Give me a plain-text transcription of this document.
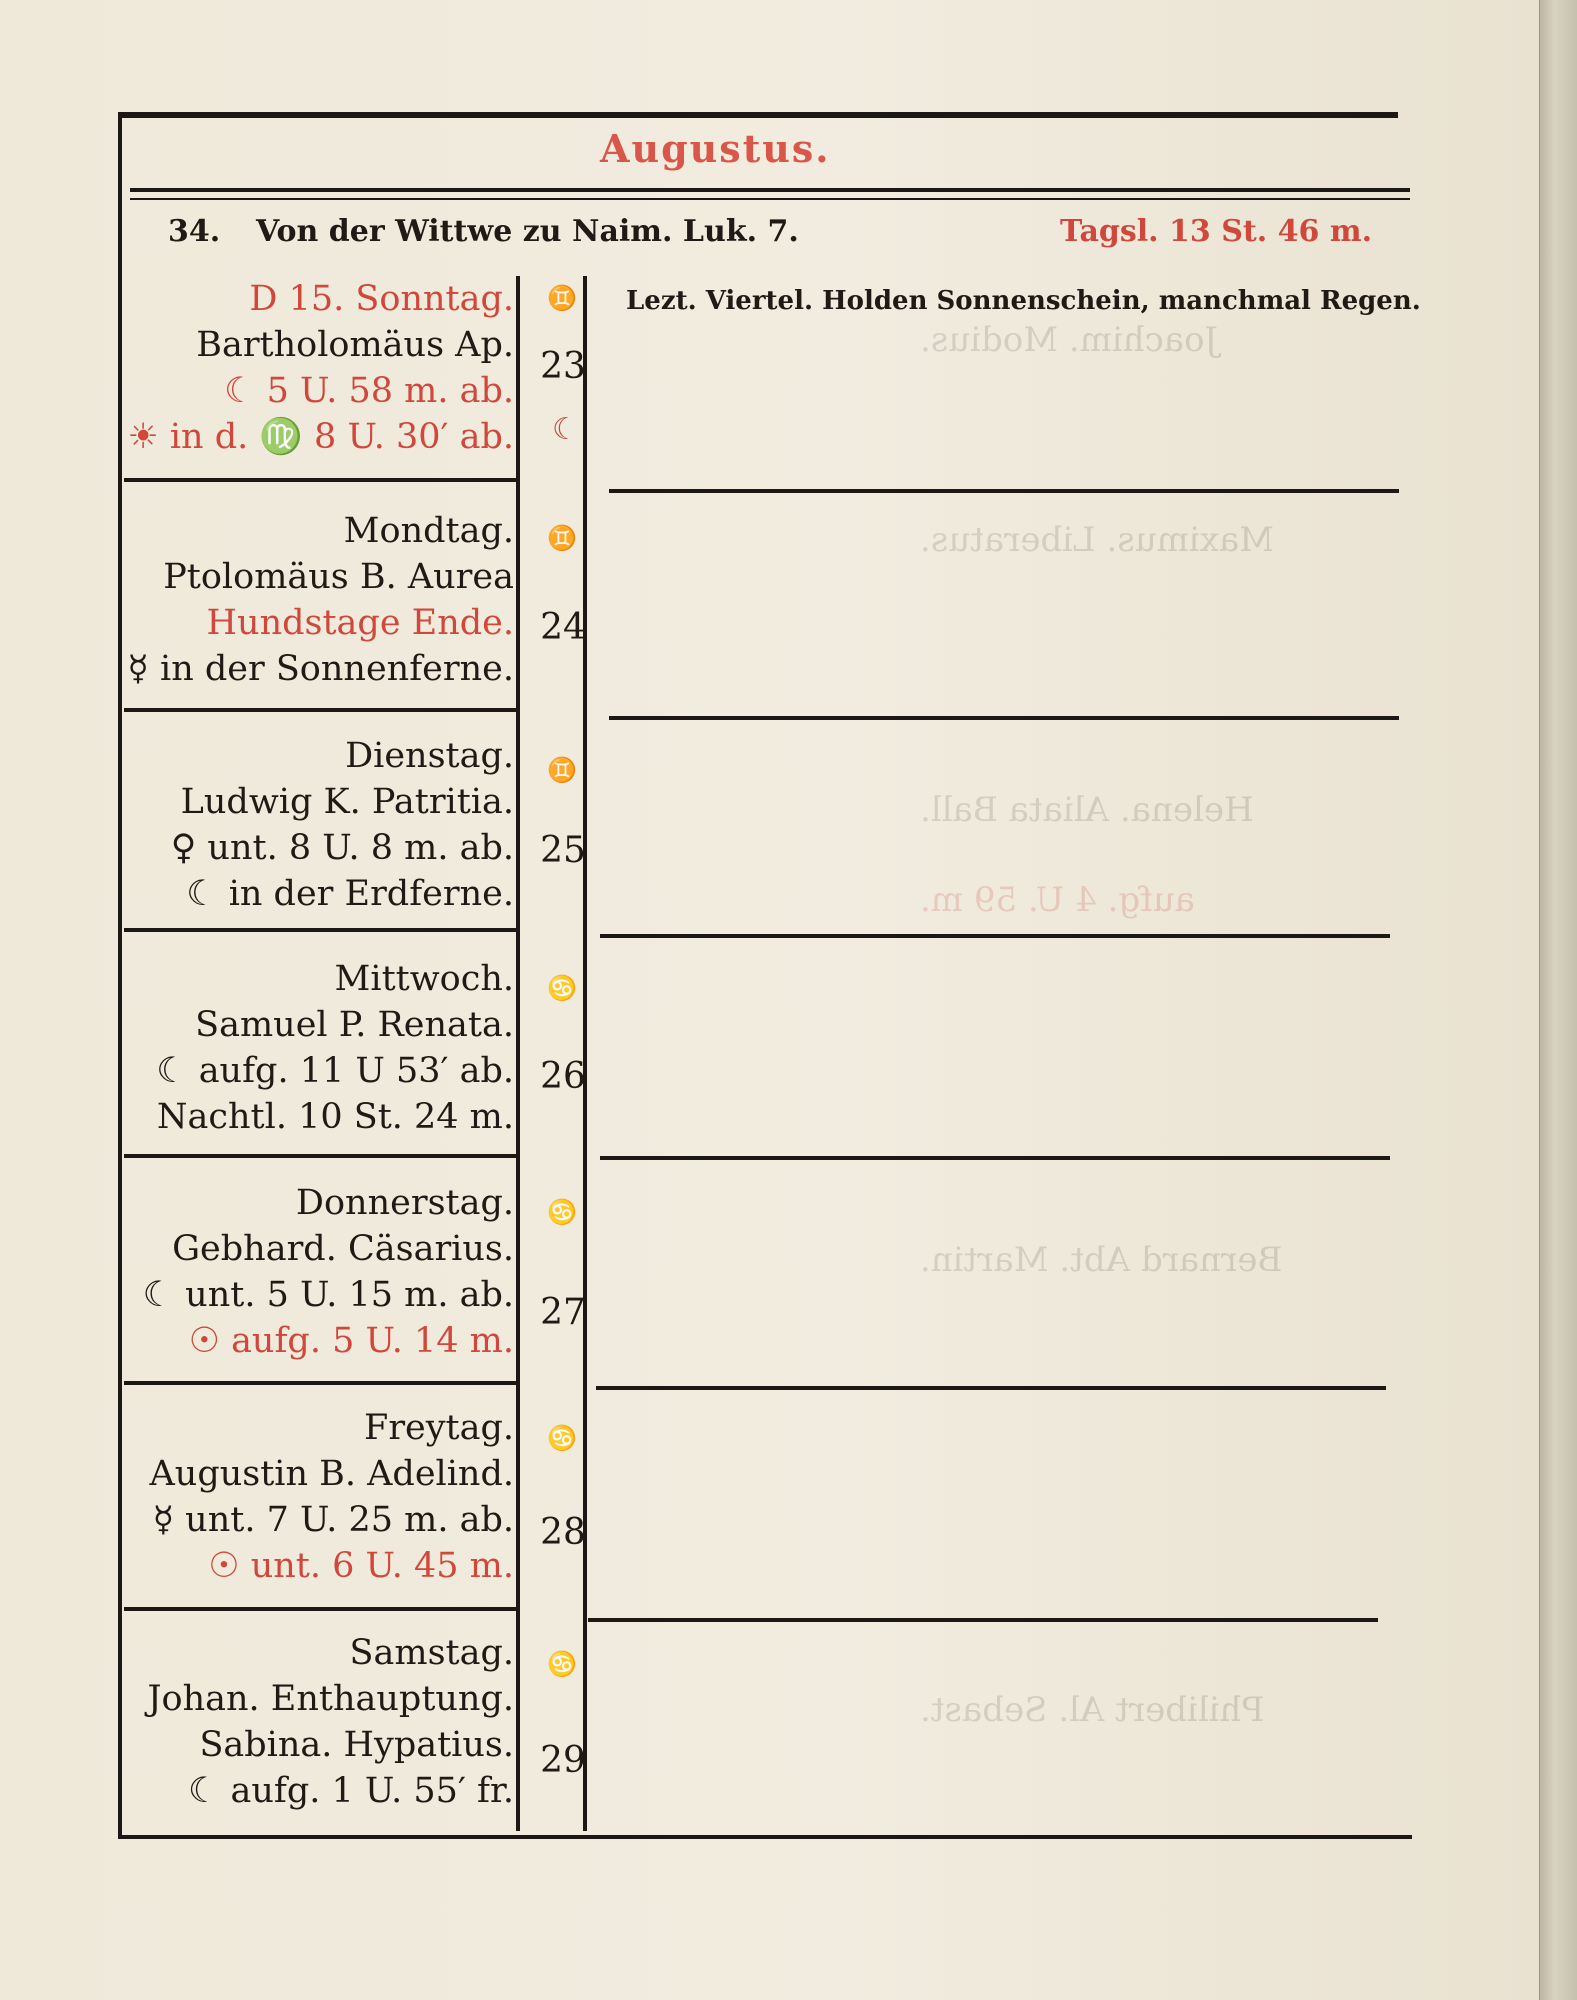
Augustus.
34. Von der Wittwe zu Naim. Luk. 7.	Tagsl. 13 St. 46 m.
Lezt. Viertel. Holden Sonnenschein, manchmal Regen.
☾
D 15. Sonntag.
Bartholomäus Ap.
☾ 5 U. 58 m. ab.
☀ in d. ♍ 8 U. 30′ ab.
♊
23
Mondtag.
Ptolomäus B. Aurea
Hundstage Ende.
☿ in der Sonnenferne.
♊
24
Dienstag.
Ludwig K. Patritia.
♀ unt. 8 U. 8 m. ab.
☾ in der Erdferne.
♊
25
Mittwoch.
Samuel P. Renata.
☾ aufg. 11 U 53′ ab.
Nachtl. 10 St. 24 m.
♋
26
Donnerstag.
Gebhard. Cäsarius.
☾ unt. 5 U. 15 m. ab.
☉ aufg. 5 U. 14 m.
♋
27
Freytag.
Augustin B. Adelind.
☿ unt. 7 U. 25 m. ab.
☉ unt. 6 U. 45 m.
♋
28
Samstag.
Johan. Enthauptung.
Sabina. Hypatius.
☾ aufg. 1 U. 55′ fr.
♋
29
